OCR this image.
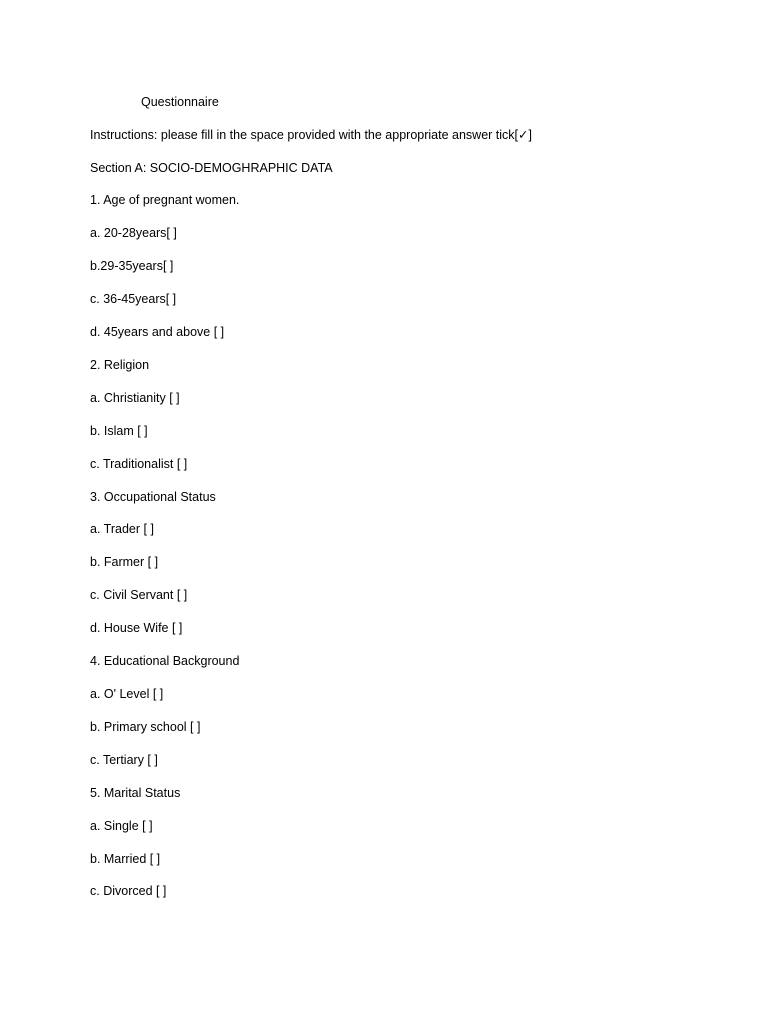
Questionnaire
Instructions: please fill in the space provided with the appropriate answer tick[✓]
Section A: SOCIO-DEMOGHRAPHIC DATA
1. Age of pregnant women.
a. 20-28years[ ]
b.29-35years[ ]
c. 36-45years[ ]
d. 45years and above [ ]
2. Religion
a. Christianity [ ]
b. Islam [ ]
c. Traditionalist [ ]
3. Occupational Status
a. Trader [ ]
b. Farmer [ ]
c. Civil Servant [ ]
d. House Wife [ ]
4. Educational Background
a. O' Level [ ]
b. Primary school [ ]
c. Tertiary [ ]
5. Marital Status
a. Single [ ]
b. Married [ ]
c. Divorced [ ]
